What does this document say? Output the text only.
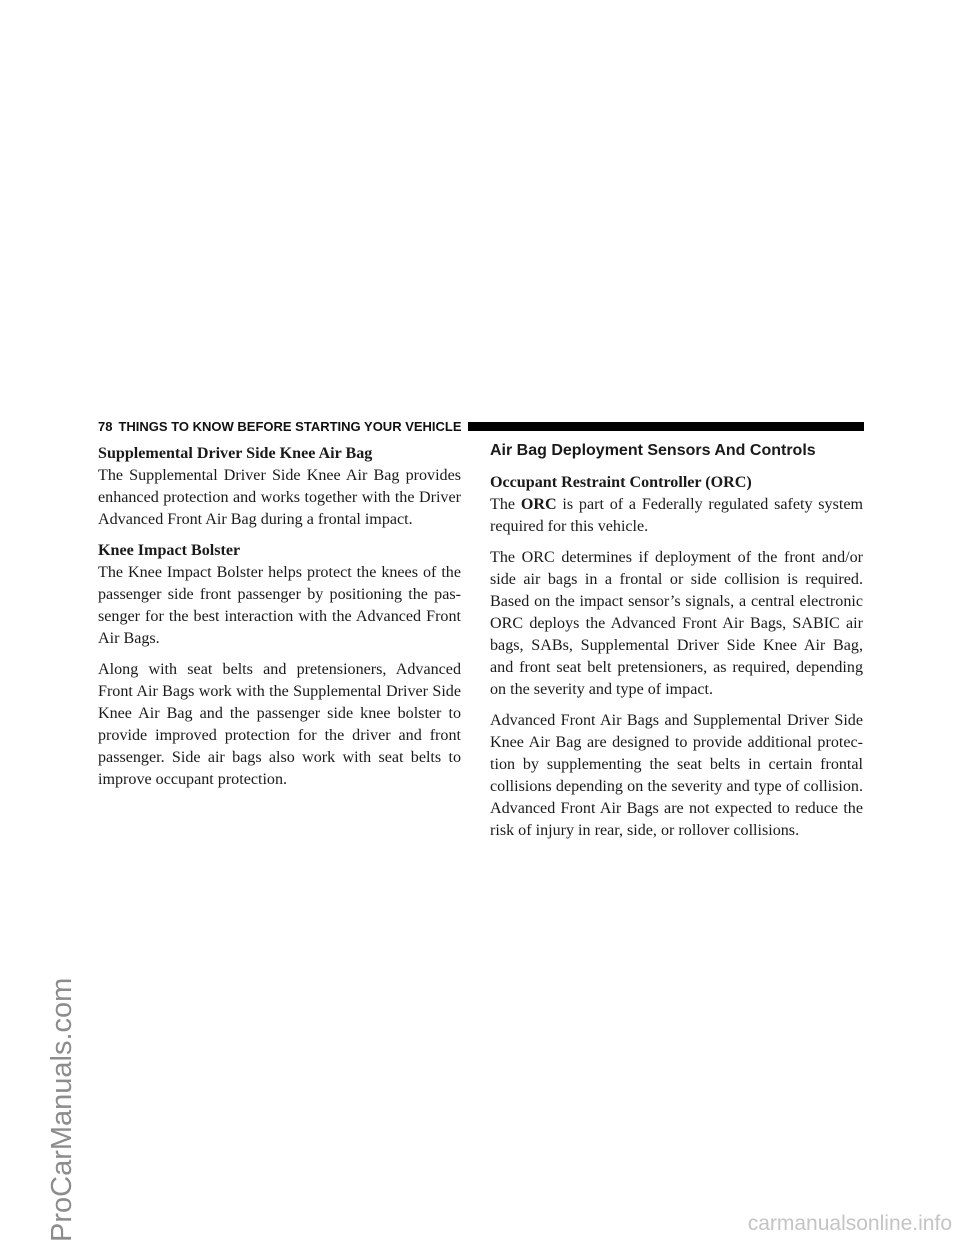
ProCarManuals.com
78 THINGS TO KNOW BEFORE STARTING YOUR VEHICLE
Supplemental Driver Side Knee Air Bag

The Supplemental Driver Side Knee Air Bag provides enhanced protection and works together with the Driver Advanced Front Air Bag during a frontal impact.

Knee Impact Bolster

The Knee Impact Bolster helps protect the knees of the passenger side front passenger by positioning the passenger for the best interaction with the Advanced Front Air Bags.

Along with seat belts and pretensioners, Advanced Front Air Bags work with the Supplemental Driver Side Knee Air Bag and the passenger side knee bolster to provide improved protection for the driver and front passenger. Side air bags also work with seat belts to improve occupant protection.

Air Bag Deployment Sensors And Controls
Occupant Restraint Controller (ORC)

The ORC is part of a Federally regulated safety system required for this vehicle.

The ORC determines if deployment of the front and/or side air bags in a frontal or side collision is required. Based on the impact sensor’s signals, a central electronic ORC deploys the Advanced Front Air Bags, SABIC air bags, SABs, Supplemental Driver Side Knee Air Bag, and front seat belt pretensioners, as required, depending on the severity and type of impact.

Advanced Front Air Bags and Supplemental Driver Side Knee Air Bag are designed to provide additional protection by supplementing the seat belts in certain frontal collisions depending on the severity and type of collision. Advanced Front Air Bags are not expected to reduce the risk of injury in rear, side, or rollover collisions.

carmanualsonline.info
